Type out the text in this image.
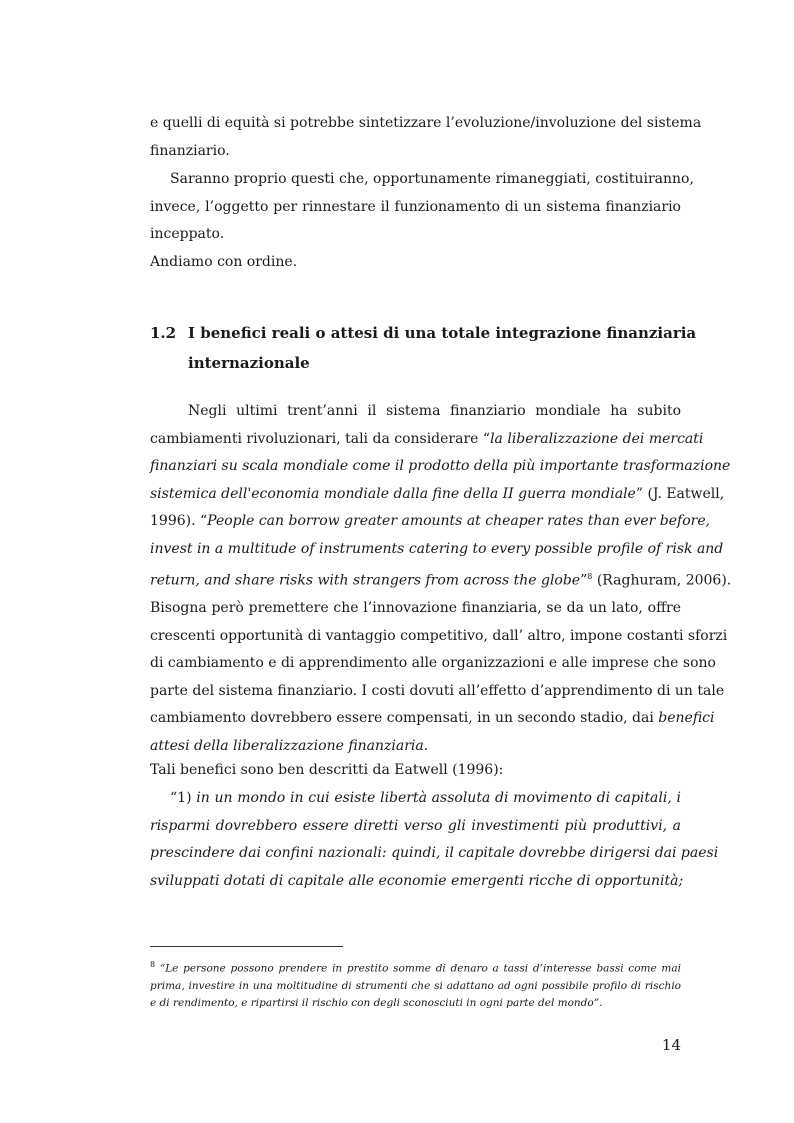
e quelli di equità si potrebbe sintetizzare l’evoluzione/involuzione del sistema
finanziario.
Saranno proprio questi che, opportunamente rimaneggiati, costituiranno,
invece, l’oggetto per rinnestare il funzionamento di un sistema finanziario
inceppato.
Andiamo con ordine.
1.2 I benefici reali o attesi di una totale integrazione finanziaria
internazionale
Negli ultimi trent’anni il sistema finanziario mondiale ha subito
cambiamenti rivoluzionari, tali da considerare “la liberalizzazione dei mercati
finanziari su scala mondiale come il prodotto della più importante trasformazione
sistemica dell'economia mondiale dalla fine della II guerra mondiale” (J. Eatwell,
1996). “People can borrow greater amounts at cheaper rates than ever before,
invest in a multitude of instruments catering to every possible profile of risk and
return, and share risks with strangers from across the globe”$^8$ (Raghuram, 2006).
Bisogna però premettere che l’innovazione finanziaria, se da un lato, offre
crescenti opportunità di vantaggio competitivo, dall’ altro, impone costanti sforzi
di cambiamento e di apprendimento alle organizzazioni e alle imprese che sono
parte del sistema finanziario. I costi dovuti all’effetto d’apprendimento di un tale
cambiamento dovrebbero essere compensati, in un secondo stadio, dai benefici
attesi della liberalizzazione finanziaria.
Tali benefici sono ben descritti da Eatwell (1996):
“1) in un mondo in cui esiste libertà assoluta di movimento di capitali, i
risparmi dovrebbero essere diretti verso gli investimenti più produttivi, a
prescindere dai confini nazionali: quindi, il capitale dovrebbe dirigersi dai paesi
sviluppati dotati di capitale alle economie emergenti ricche di opportunità;
$^8$ “Le persone possono prendere in prestito somme di denaro a tassi d’interesse bassi come mai
prima, investire in una moltitudine di strumenti che si adattano ad ogni possibile profilo di rischio
e di rendimento, e ripartirsi il rischio con degli sconosciuti in ogni parte del mondo”.
14
